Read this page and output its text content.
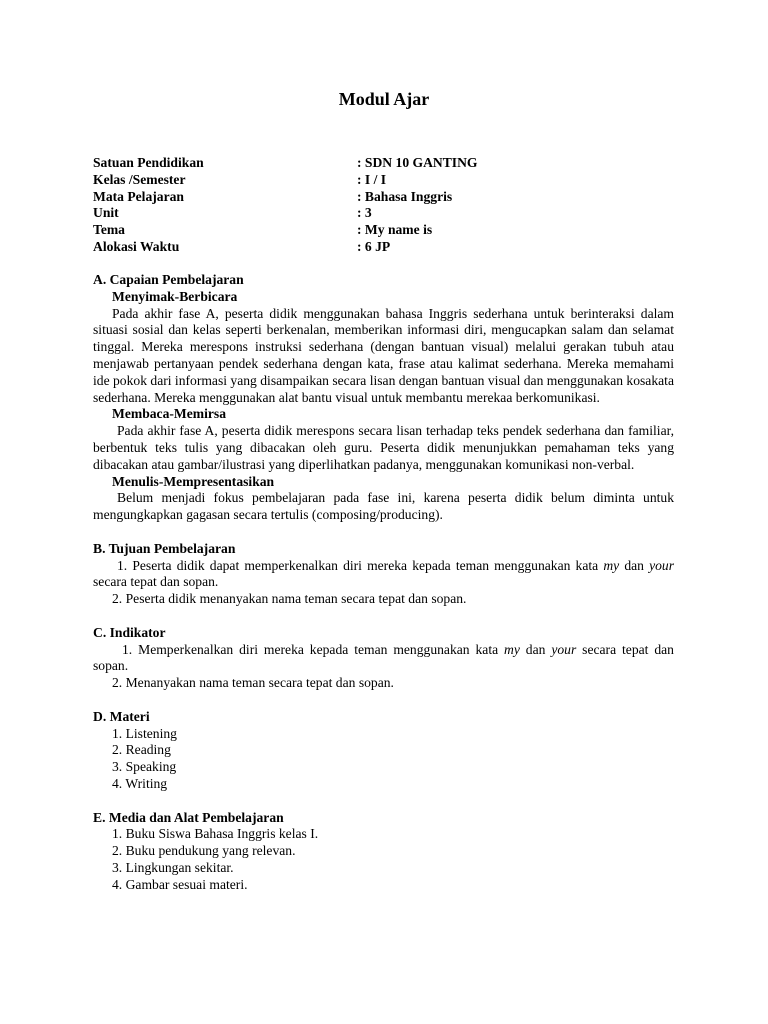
Modul Ajar
Satuan Pendidikan	: SDN 10 GANTING
Kelas /Semester	: I / I
Mata Pelajaran	: Bahasa Inggris
Unit	: 3
Tema	: My name is
Alokasi Waktu	: 6 JP
A. Capaian Pembelajaran
Menyimak-Berbicara
Pada akhir fase A, peserta didik menggunakan bahasa Inggris sederhana untuk berinteraksi dalam situasi sosial dan kelas seperti berkenalan, memberikan informasi diri, mengucapkan salam dan selamat tinggal. Mereka merespons instruksi sederhana (dengan bantuan visual) melalui gerakan tubuh atau menjawab pertanyaan pendek sederhana dengan kata, frase atau kalimat sederhana. Mereka memahami ide pokok dari informasi yang disampaikan secara lisan dengan bantuan visual dan menggunakan kosakata sederhana. Mereka menggunakan alat bantu visual untuk membantu merekaa berkomunikasi.
Membaca-Memirsa
Pada akhir fase A, peserta didik merespons secara lisan terhadap teks pendek sederhana dan familiar, berbentuk teks tulis yang dibacakan oleh guru. Peserta didik menunjukkan pemahaman teks yang dibacakan atau gambar/ilustrasi yang diperlihatkan padanya, menggunakan komunikasi non-verbal.
Menulis-Mempresentasikan
Belum menjadi fokus pembelajaran pada fase ini, karena peserta didik belum diminta untuk mengungkapkan gagasan secara tertulis (composing/producing).
B. Tujuan Pembelajaran
1. Peserta didik dapat memperkenalkan diri mereka kepada teman menggunakan kata my dan your secara tepat dan sopan.
2. Peserta didik menanyakan nama teman secara tepat dan sopan.
C. Indikator
1. Memperkenalkan diri mereka kepada teman menggunakan kata my dan your secara tepat dan sopan.
2. Menanyakan nama teman secara tepat dan sopan.
D. Materi
1. Listening
2. Reading
3. Speaking
4. Writing
E. Media dan Alat Pembelajaran
1. Buku Siswa Bahasa Inggris kelas I.
2. Buku pendukung yang relevan.
3. Lingkungan sekitar.
4. Gambar sesuai materi.
